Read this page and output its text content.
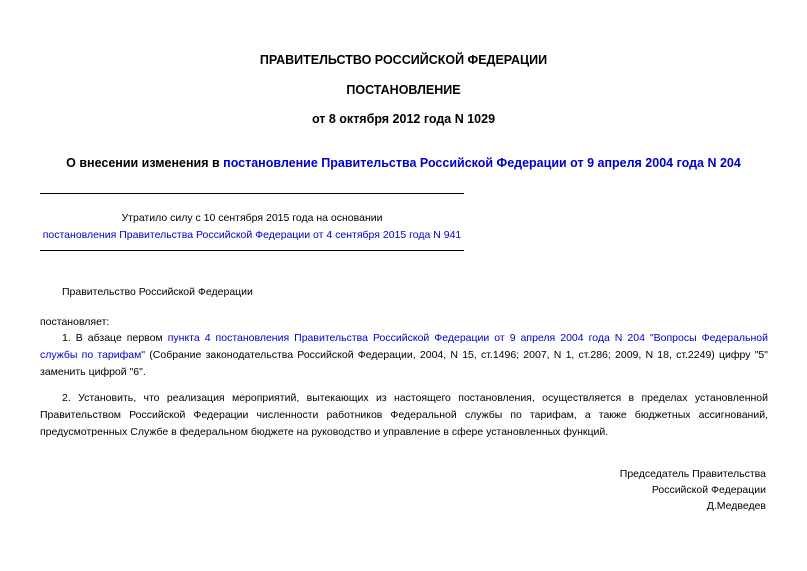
ПРАВИТЕЛЬСТВО РОССИЙСКОЙ ФЕДЕРАЦИИ
ПОСТАНОВЛЕНИЕ
от 8 октября 2012 года N 1029
О внесении изменения в постановление Правительства Российской Федерации от 9 апреля 2004 года N 204
Утратило силу с 10 сентября 2015 года на основании
постановления Правительства Российской Федерации от 4 сентября 2015 года N 941
Правительство Российской Федерации
постановляет:
1. В абзаце первом пункта 4 постановления Правительства Российской Федерации от 9 апреля 2004 года N 204 "Вопросы Федеральной службы по тарифам" (Собрание законодательства Российской Федерации, 2004, N 15, ст.1496; 2007, N 1, ст.286; 2009, N 18, ст.2249) цифру "5" заменить цифрой "6".
2. Установить, что реализация мероприятий, вытекающих из настоящего постановления, осуществляется в пределах установленной Правительством Российской Федерации численности работников Федеральной службы по тарифам, а также бюджетных ассигнований, предусмотренных Службе в федеральном бюджете на руководство и управление в сфере установленных функций.
Председатель Правительства
Российской Федерации
Д.Медведев
